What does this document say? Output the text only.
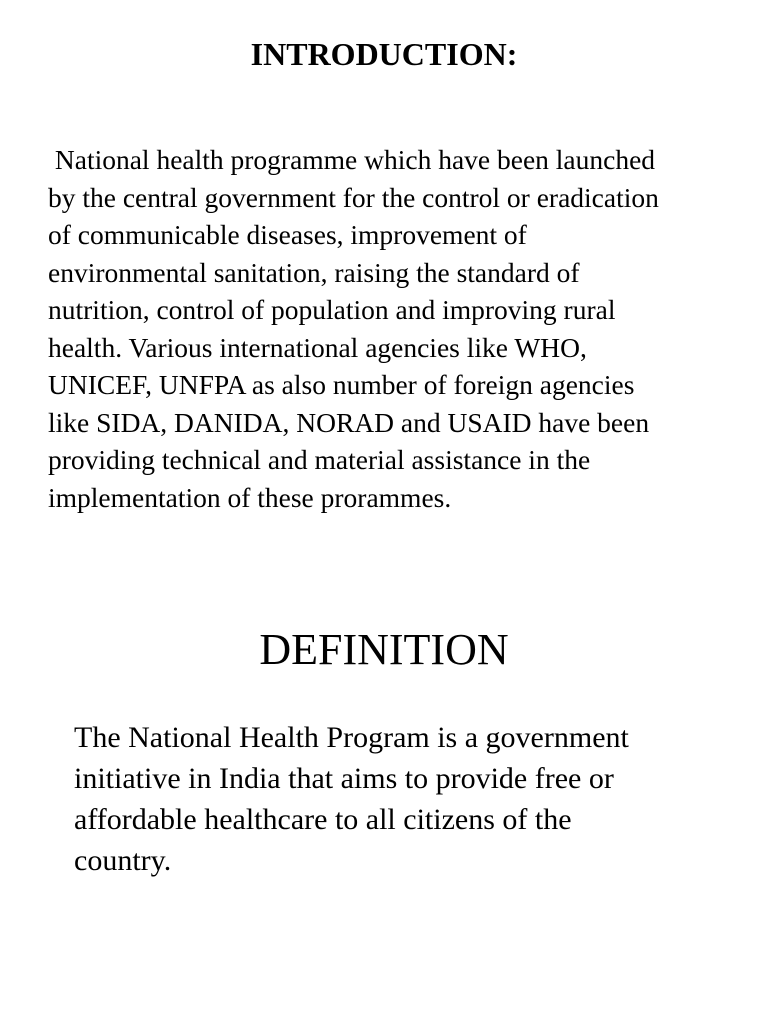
INTRODUCTION:

National health programme which have been launched
by the central government for the control or eradication
of communicable diseases, improvement of
environmental sanitation, raising the standard of
nutrition, control of population and improving rural
health. Various international agencies like WHO,
UNICEF, UNFPA as also number of foreign agencies
like SIDA, DANIDA, NORAD and USAID have been
providing technical and material assistance in the
implementation of these prorammes.

DEFINITION

The National Health Program is a government
initiative in India that aims to provide free or
affordable healthcare to all citizens of the
country.
